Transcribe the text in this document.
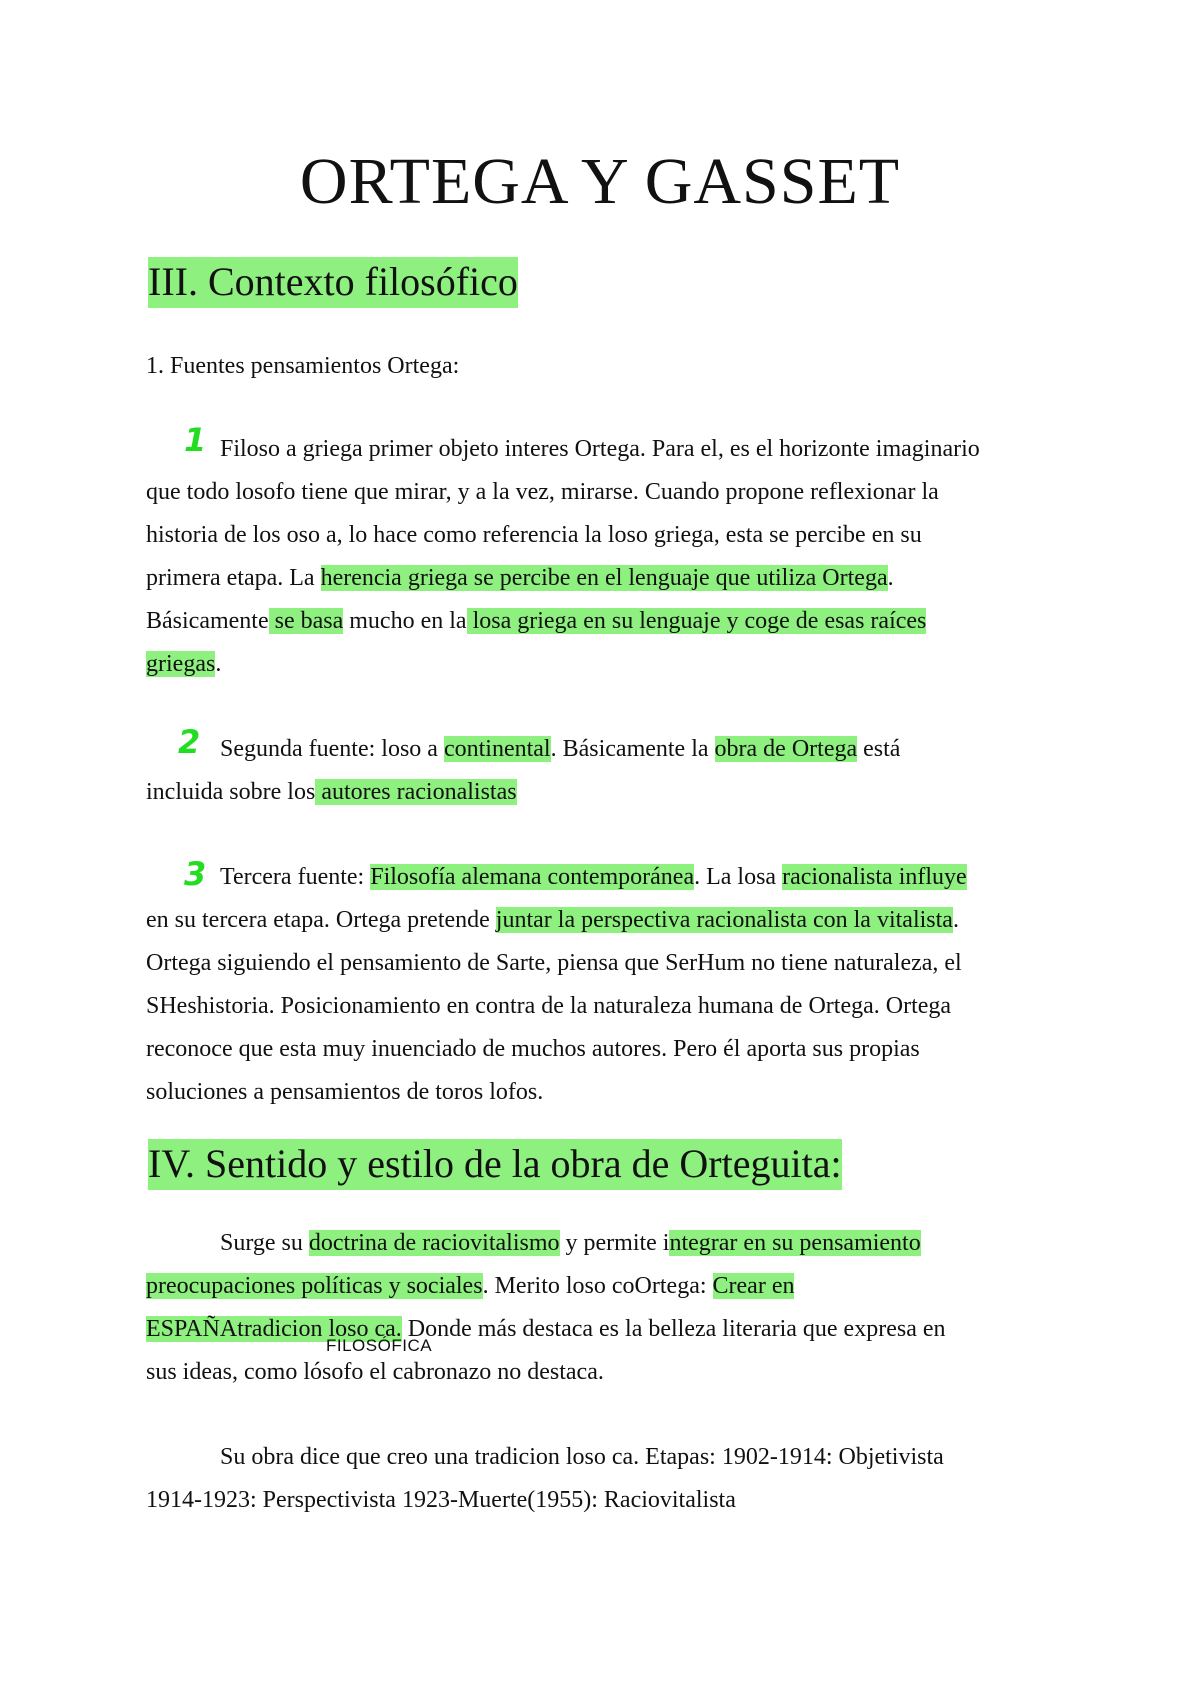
ORTEGA Y GASSET
III. Contexto filosófico
1. Fuentes pensamientos Ortega:
1
2
3
Filoso a griega primer objeto interes Ortega. Para el, es el horizonte imaginario
que todo losofo tiene que mirar, y a la vez, mirarse. Cuando propone reflexionar la
historia de los oso a, lo hace como referencia la loso griega, esta se percibe en su
primera etapa. La herencia griega se percibe en el lenguaje que utiliza Ortega.
Básicamente se basa mucho en la losa griega en su lenguaje y coge de esas raíces
griegas.
Segunda fuente: loso a continental. Básicamente la obra de Ortega está
incluida sobre los autores racionalistas
Tercera fuente: Filosofía alemana contemporánea. La losa racionalista influye
en su tercera etapa. Ortega pretende juntar la perspectiva racionalista con la vitalista.
Ortega siguiendo el pensamiento de Sarte, piensa que SerHum no tiene naturaleza, el
SHeshistoria. Posicionamiento en contra de la naturaleza humana de Ortega. Ortega
reconoce que esta muy inuenciado de muchos autores. Pero él aporta sus propias
soluciones a pensamientos de toros lofos.
IV. Sentido y estilo de la obra de Orteguita:
Surge su doctrina de raciovitalismo y permite integrar en su pensamiento
preocupaciones políticas y sociales. Merito loso coOrtega: Crear en
ESPAÑAtradicion loso ca. Donde más destaca es la belleza literaria que expresa en
FILOSÓFICA
sus ideas, como lósofo el cabronazo no destaca.
Su obra dice que creo una tradicion loso ca. Etapas: 1902-1914: Objetivista
1914-1923: Perspectivista 1923-Muerte(1955): Raciovitalista
